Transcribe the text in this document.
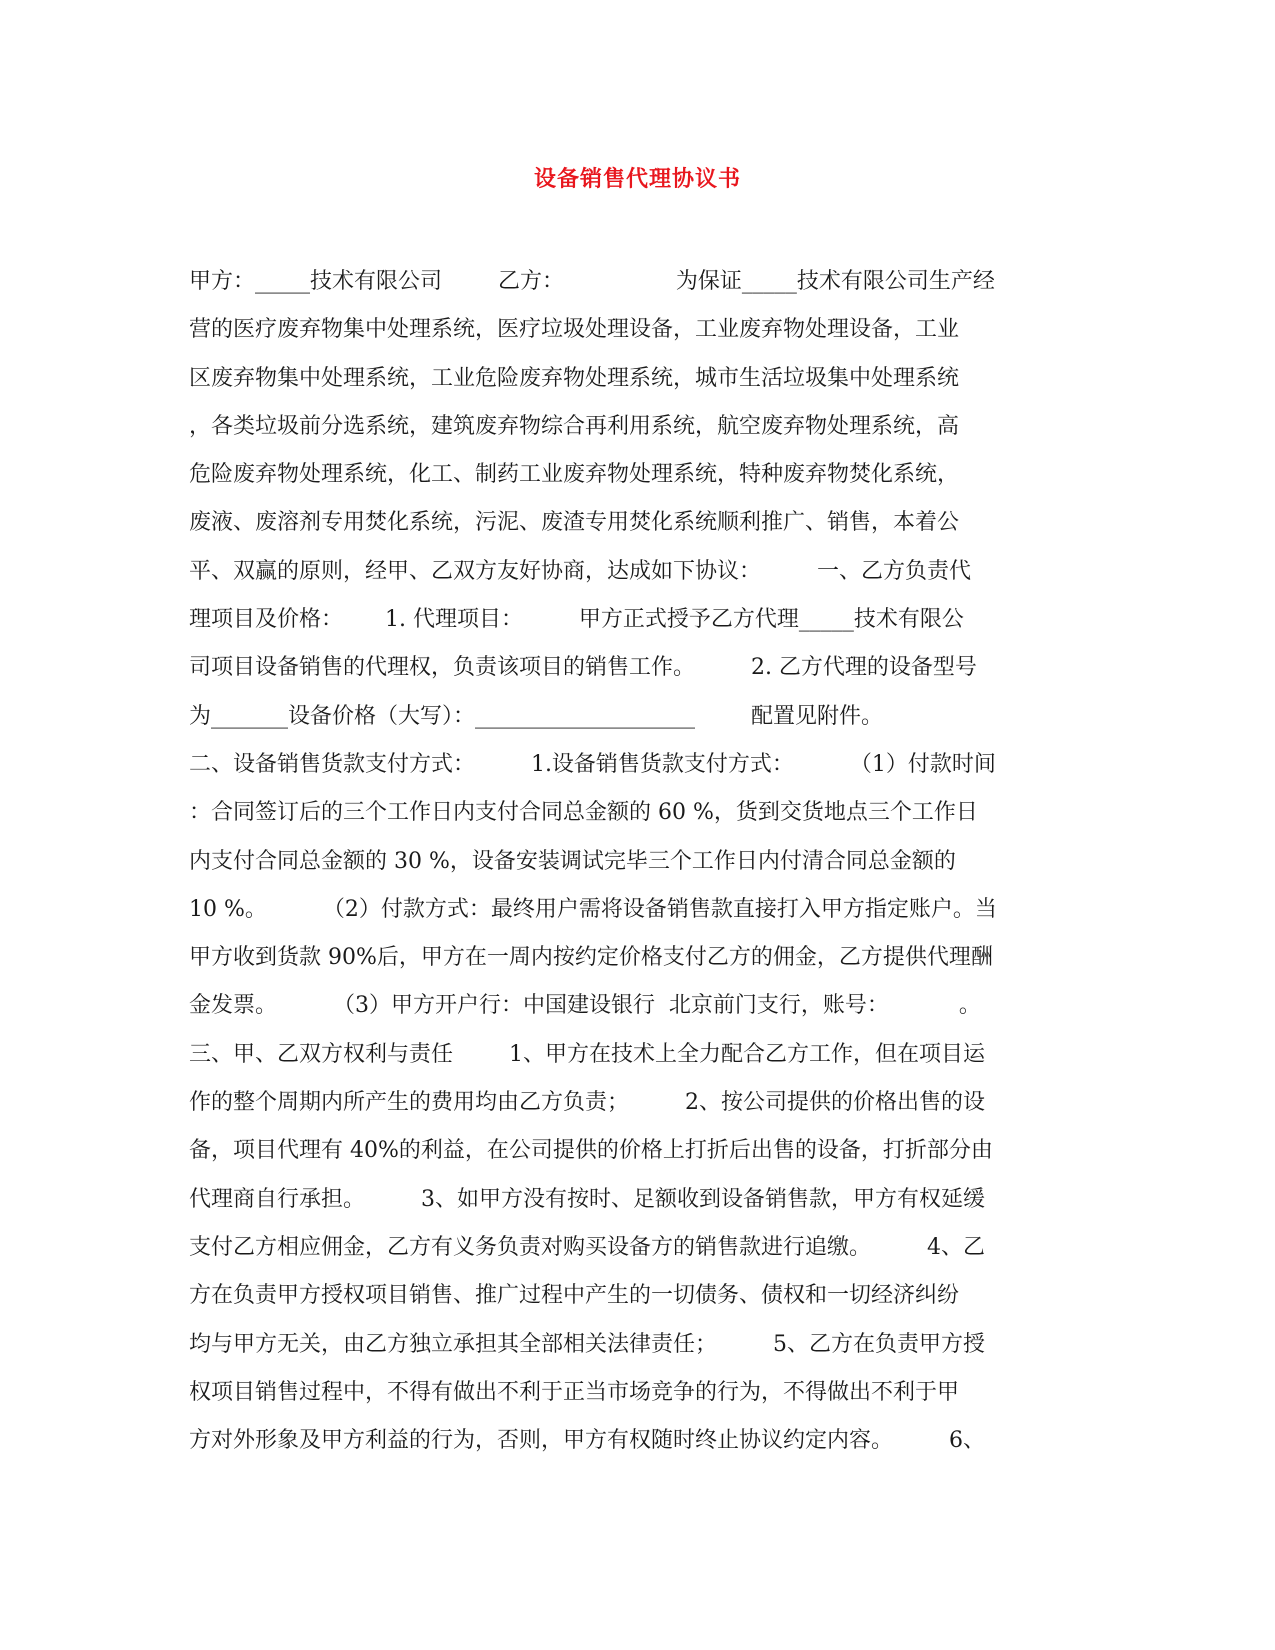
设备销售代理协议书
甲方：_____技术有限公司        乙方：                为保证_____技术有限公司生产经
营的医疗废弃物集中处理系统，医疗垃圾处理设备，工业废弃物处理设备，工业
区废弃物集中处理系统，工业危险废弃物处理系统，城市生活垃圾集中处理系统
，各类垃圾前分选系统，建筑废弃物综合再利用系统，航空废弃物处理系统，高
危险废弃物处理系统，化工、制药工业废弃物处理系统，特种废弃物焚化系统，
废液、废溶剂专用焚化系统，污泥、废渣专用焚化系统顺利推广、销售，本着公
平、双赢的原则，经甲、乙双方友好协商，达成如下协议：        一、乙方负责代
理项目及价格：      1. 代理项目：        甲方正式授予乙方代理_____技术有限公
司项目设备销售的代理权，负责该项目的销售工作。        2. 乙方代理的设备型号
为_______设备价格（大写）：____________________        配置见附件。
二、设备销售货款支付方式：        1.设备销售货款支付方式：        （1）付款时间
：合同签订后的三个工作日内支付合同总金额的 60 %，货到交货地点三个工作日
内支付合同总金额的 30 %，设备安装调试完毕三个工作日内付清合同总金额的
10 %。        （2）付款方式：最终用户需将设备销售款直接打入甲方指定账户。当
甲方收到货款 90%后，甲方在一周内按约定价格支付乙方的佣金，乙方提供代理酬
金发票。        （3）甲方开户行：中国建设银行  北京前门支行，账号：          。
三、甲、乙双方权利与责任        1、甲方在技术上全力配合乙方工作，但在项目运
作的整个周期内所产生的费用均由乙方负责；        2、按公司提供的价格出售的设
备，项目代理有 40%的利益，在公司提供的价格上打折后出售的设备，打折部分由
代理商自行承担。        3、如甲方没有按时、足额收到设备销售款，甲方有权延缓
支付乙方相应佣金，乙方有义务负责对购买设备方的销售款进行追缴。        4、乙
方在负责甲方授权项目销售、推广过程中产生的一切债务、债权和一切经济纠纷
均与甲方无关，由乙方独立承担其全部相关法律责任；        5、乙方在负责甲方授
权项目销售过程中，不得有做出不利于正当市场竞争的行为，不得做出不利于甲
方对外形象及甲方利益的行为，否则，甲方有权随时终止协议约定内容。        6、
